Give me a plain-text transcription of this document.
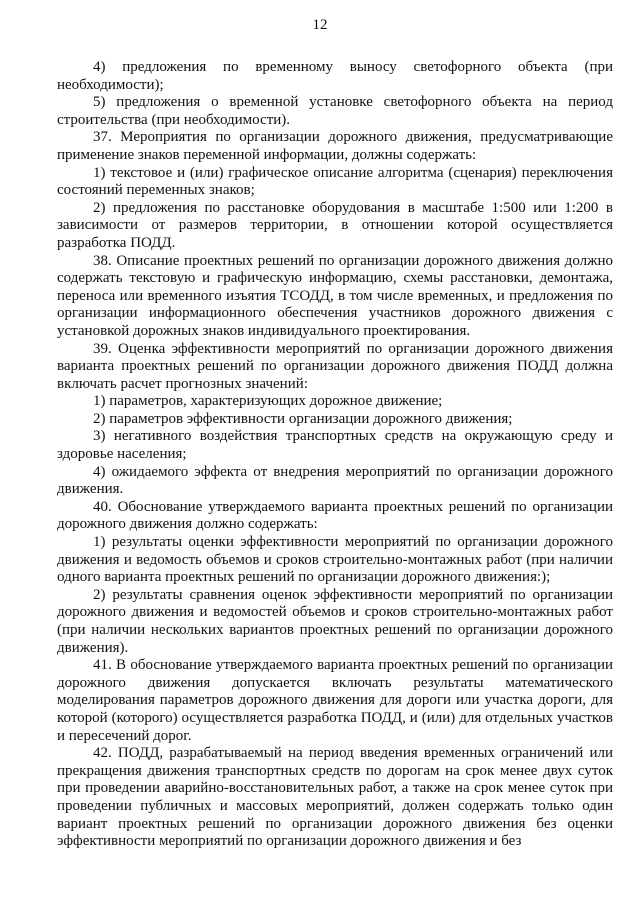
12

4) предложения по временному выносу светофорного объекта (при необходимости);

5) предложения о временной установке светофорного объекта на период строительства (при необходимости).

37. Мероприятия по организации дорожного движения, предусматривающие применение знаков переменной информации, должны содержать:

1) текстовое и (или) графическое описание алгоритма (сценария) переключения состояний переменных знаков;

2) предложения по расстановке оборудования в масштабе 1:500 или 1:200 в зависимости от размеров территории, в отношении которой осуществляется разработка ПОДД.

38. Описание проектных решений по организации дорожного движения должно содержать текстовую и графическую информацию, схемы расстановки, демонтажа, переноса или временного изъятия ТСОДД, в том числе временных, и предложения по организации информационного обеспечения участников дорожного движения с установкой дорожных знаков индивидуального проектирования.

39. Оценка эффективности мероприятий по организации дорожного движения варианта проектных решений по организации дорожного движения ПОДД должна включать расчет прогнозных значений:

1) параметров, характеризующих дорожное движение;

2) параметров эффективности организации дорожного движения;

3) негативного воздействия транспортных средств на окружающую среду и здоровье населения;

4) ожидаемого эффекта от внедрения мероприятий по организации дорожного движения.

40. Обоснование утверждаемого варианта проектных решений по организации дорожного движения должно содержать:

1) результаты оценки эффективности мероприятий по организации дорожного движения и ведомость объемов и сроков строительно-монтажных работ (при наличии одного варианта проектных решений по организации дорожного движения:);

2) результаты сравнения оценок эффективности мероприятий по организации дорожного движения и ведомостей объемов и сроков строительно-монтажных работ (при наличии нескольких вариантов проектных решений по организации дорожного движения).

41. В обоснование утверждаемого варианта проектных решений по организации дорожного движения допускается включать результаты математического моделирования параметров дорожного движения для дороги или участка дороги, для которой (которого) осуществляется разработка ПОДД, и (или) для отдельных участков и пересечений дорог.

42. ПОДД, разрабатываемый на период введения временных ограничений или прекращения движения транспортных средств по дорогам на срок менее двух суток при проведении аварийно-восстановительных работ, а также на срок менее суток при проведении публичных и массовых мероприятий, должен содержать только один вариант проектных решений по организации дорожного движения без оценки эффективности мероприятий по организации дорожного движения и без
